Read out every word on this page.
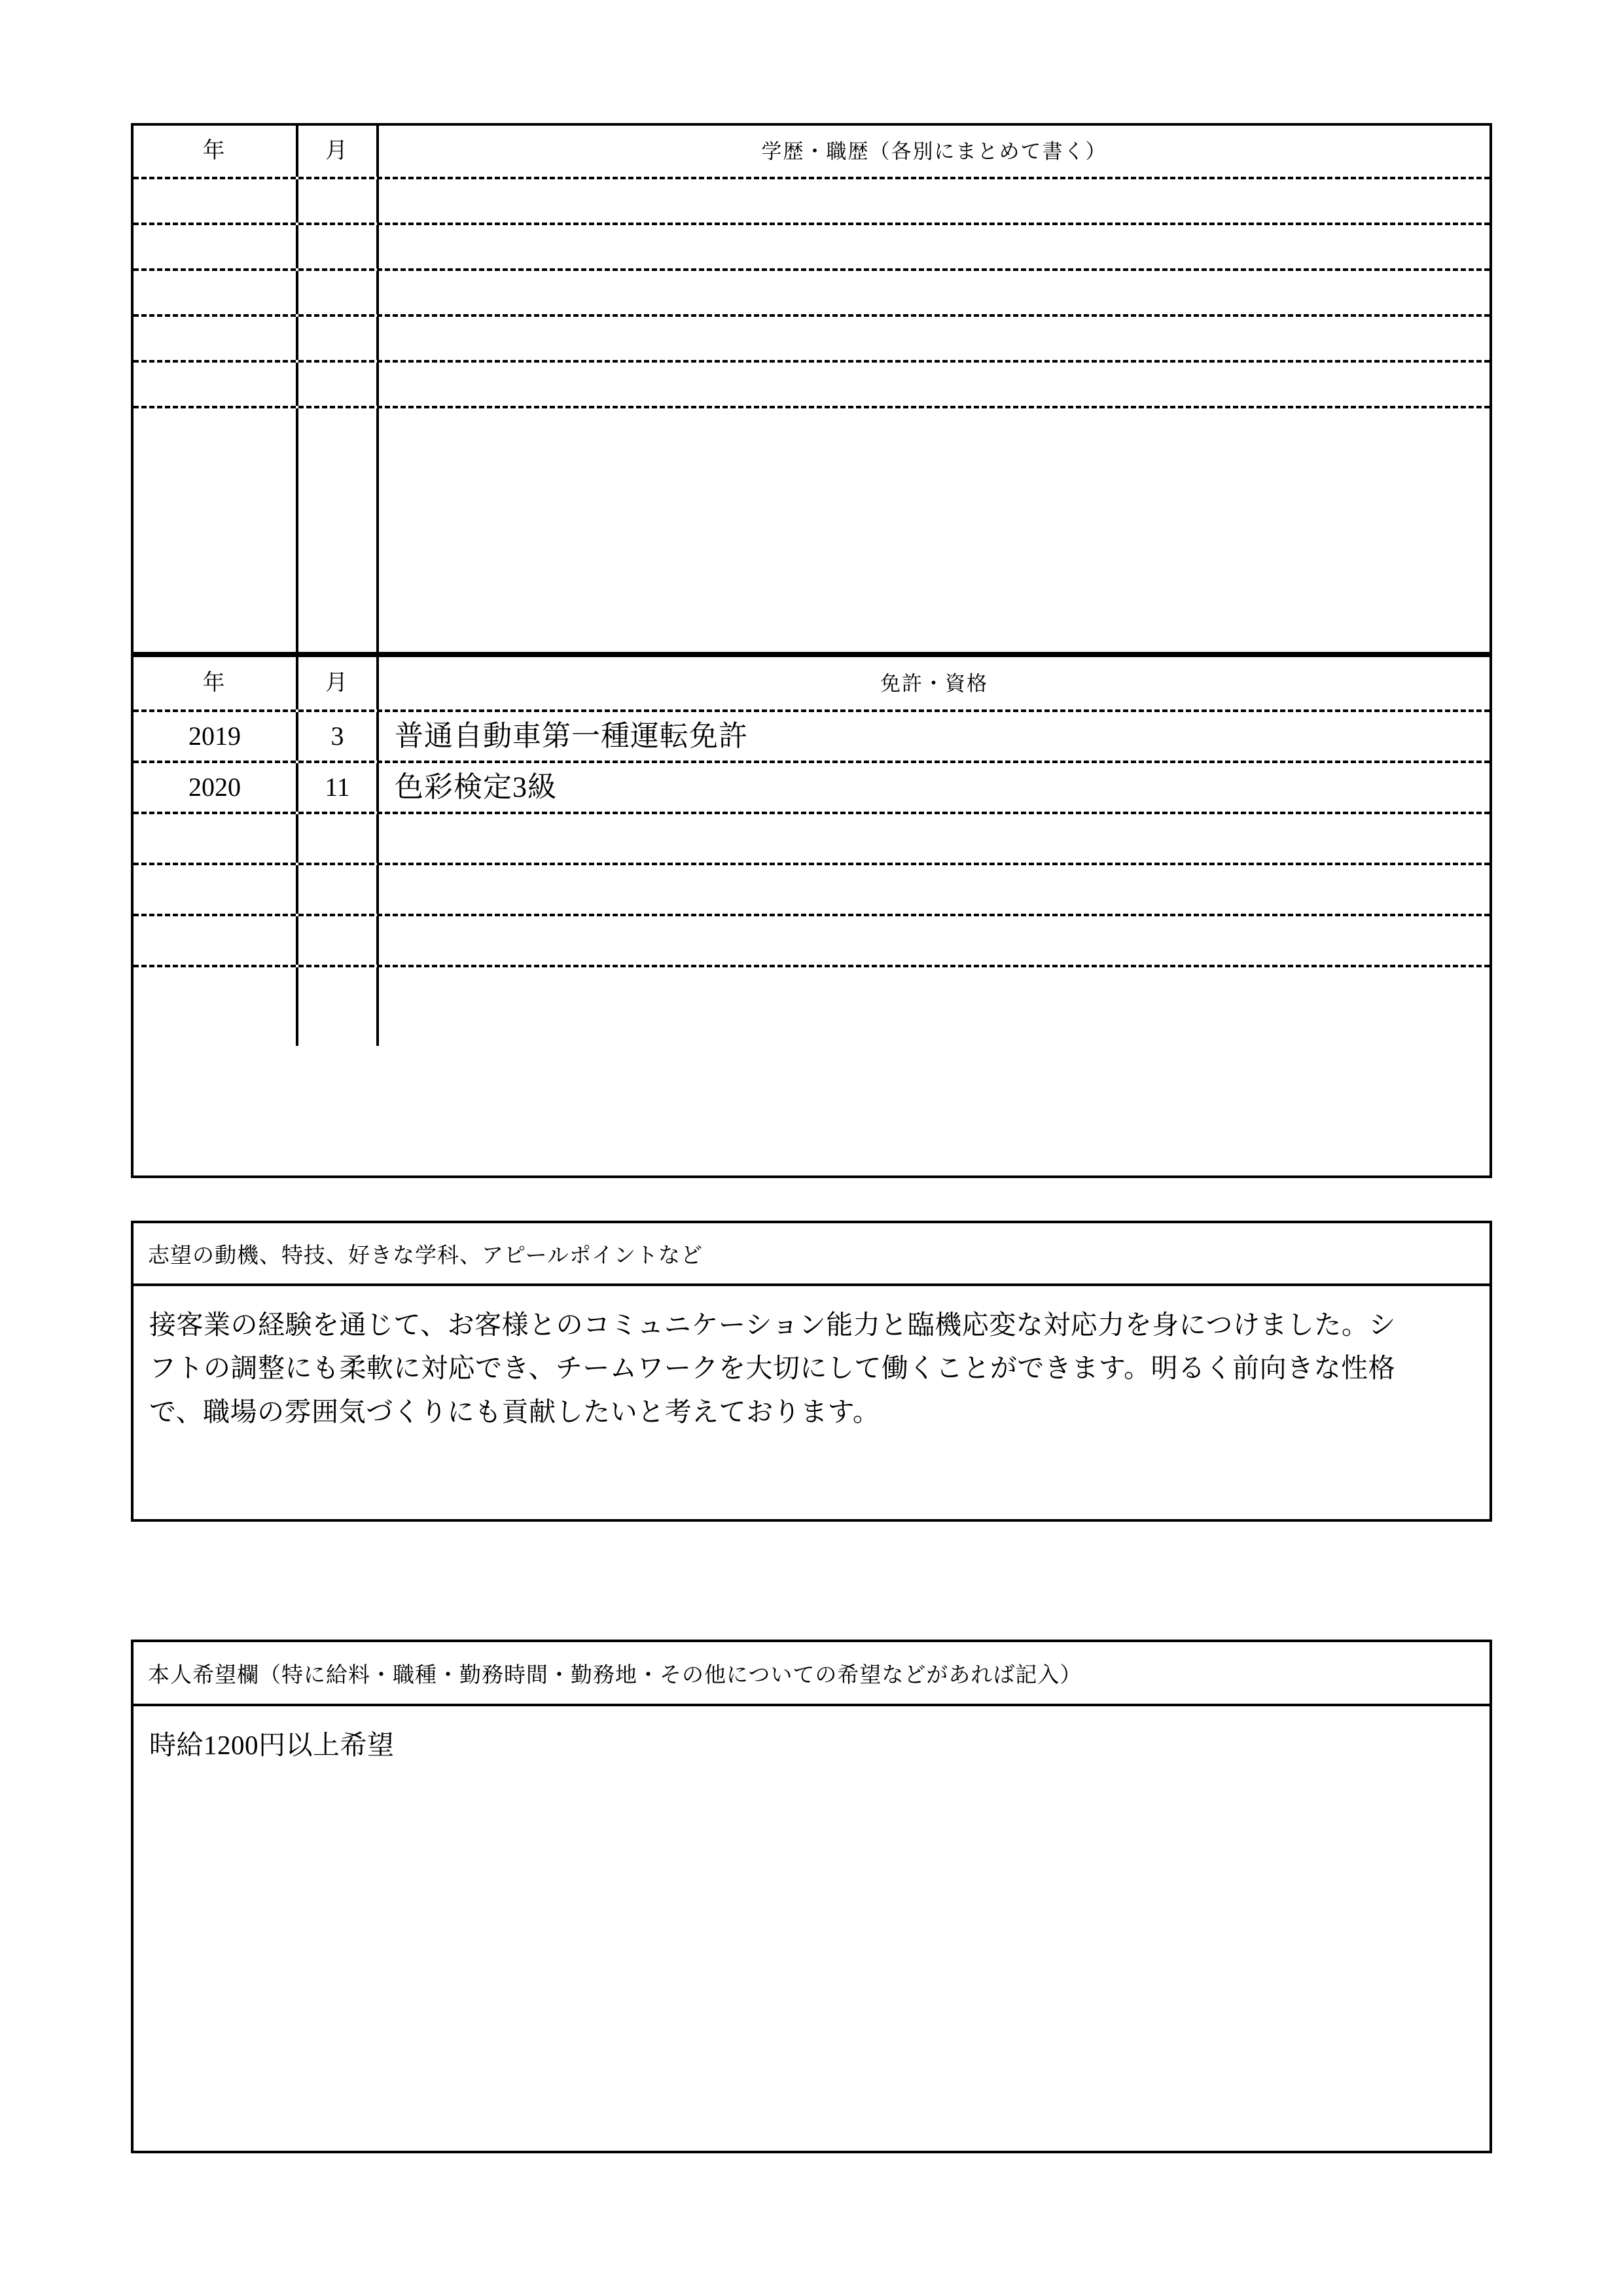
年	月	学歴・職歴（各別にまとめて書く）
年	月	免許・資格
2019	3 普通自動車第一種運転免許
2020	11 色彩検定3級
志望の動機、特技、好きな学科、アピールポイントなど

接客業の経験を通じて、お客様とのコミュニケーション能力と臨機応変な対応力を身につけました。シ

フトの調整にも柔軟に対応でき、チームワークを大切にして働くことができます。明るく前向きな性格

で、職場の雰囲気づくりにも貢献したいと考えております。

本人希望欄（特に給料・職種・勤務時間・勤務地・その他についての希望などがあれば記入）

時給1200円以上希望
